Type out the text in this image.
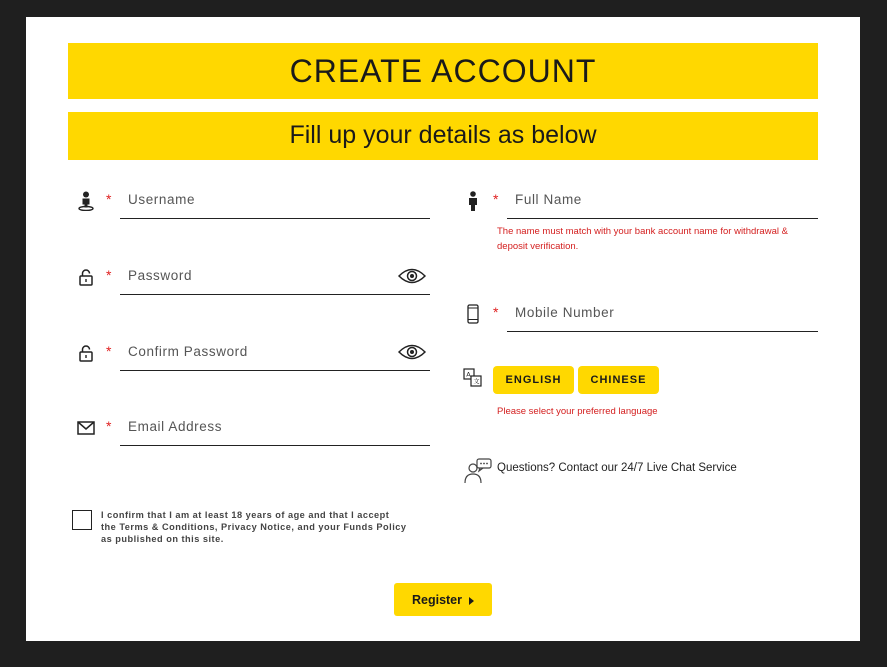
CREATE ACCOUNT
Fill up your details as below
*
Username
*
*
*
Email Address
*
Full Name
The name must match with your bank account name for withdrawal &
deposit verification.
*
Mobile Number
A
文	ENGLISH	CHINESE
Please select your preferred language
Questions? Contact our 24/7 Live Chat Service
I confirm that I am at least 18 years of age and that I accept
the Terms & Conditions, Privacy Notice, and your Funds Policy
as published on this site.
Register
